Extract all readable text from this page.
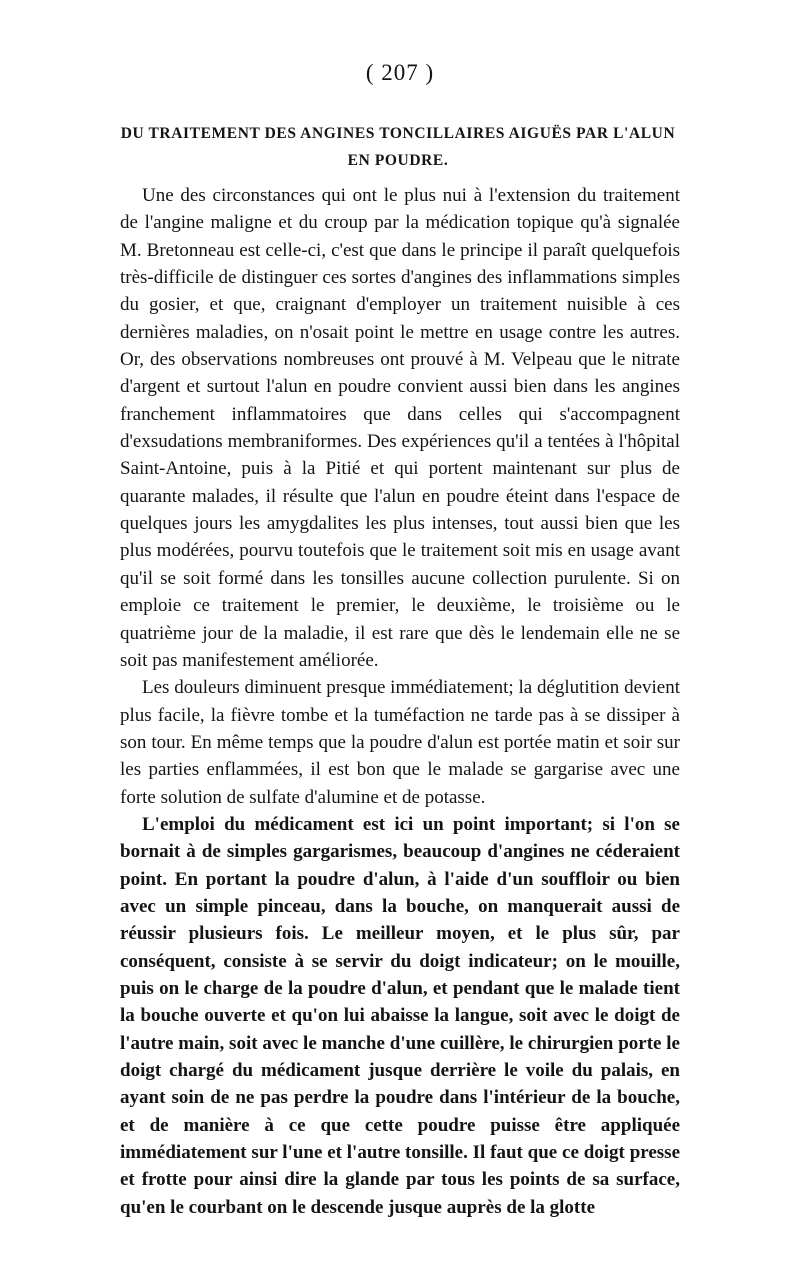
( 207 )
DU TRAITEMENT DES ANGINES TONCILLAIRES AIGUËS PAR L'ALUN
EN POUDRE.

Une des circonstances qui ont le plus nui à l'extension du traitement de l'angine maligne et du croup par la médication topique qu'à signalée M. Bretonneau est celle-ci, c'est que dans le principe il paraît quelquefois très-difficile de distinguer ces sortes d'angines des inflammations simples du gosier, et que, craignant d'employer un traitement nuisible à ces dernières maladies, on n'osait point le mettre en usage contre les autres. Or, des observations nombreuses ont prouvé à M. Velpeau que le nitrate d'argent et surtout l'alun en poudre convient aussi bien dans les angines franchement inflammatoires que dans celles qui s'accompagnent d'exsudations membraniformes. Des expériences qu'il a tentées à l'hôpital Saint-Antoine, puis à la Pitié et qui portent maintenant sur plus de quarante malades, il résulte que l'alun en poudre éteint dans l'espace de quelques jours les amygdalites les plus intenses, tout aussi bien que les plus modérées, pourvu toutefois que le traitement soit mis en usage avant qu'il se soit formé dans les tonsilles aucune collection purulente. Si on emploie ce traitement le premier, le deuxième, le troisième ou le quatrième jour de la maladie, il est rare que dès le lendemain elle ne se soit pas manifestement améliorée.

Les douleurs diminuent presque immédiatement; la déglutition devient plus facile, la fièvre tombe et la tuméfaction ne tarde pas à se dissiper à son tour. En même temps que la poudre d'alun est portée matin et soir sur les parties enflammées, il est bon que le malade se gargarise avec une forte solution de sulfate d'alumine et de potasse.

L'emploi du médicament est ici un point important; si l'on se bornait à de simples gargarismes, beaucoup d'angines ne céderaient point. En portant la poudre d'alun, à l'aide d'un souffloir ou bien avec un simple pinceau, dans la bouche, on manquerait aussi de réussir plusieurs fois. Le meilleur moyen, et le plus sûr, par conséquent, consiste à se servir du doigt indicateur; on le mouille, puis on le charge de la poudre d'alun, et pendant que le malade tient la bouche ouverte et qu'on lui abaisse la langue, soit avec le doigt de l'autre main, soit avec le manche d'une cuillère, le chirurgien porte le doigt chargé du médicament jusque derrière le voile du palais, en ayant soin de ne pas perdre la poudre dans l'intérieur de la bouche, et de manière à ce que cette poudre puisse être appliquée immédiatement sur l'une et l'autre tonsille. Il faut que ce doigt presse et frotte pour ainsi dire la glande par tous les points de sa surface, qu'en le courbant on le descende jusque auprès de la glotte
